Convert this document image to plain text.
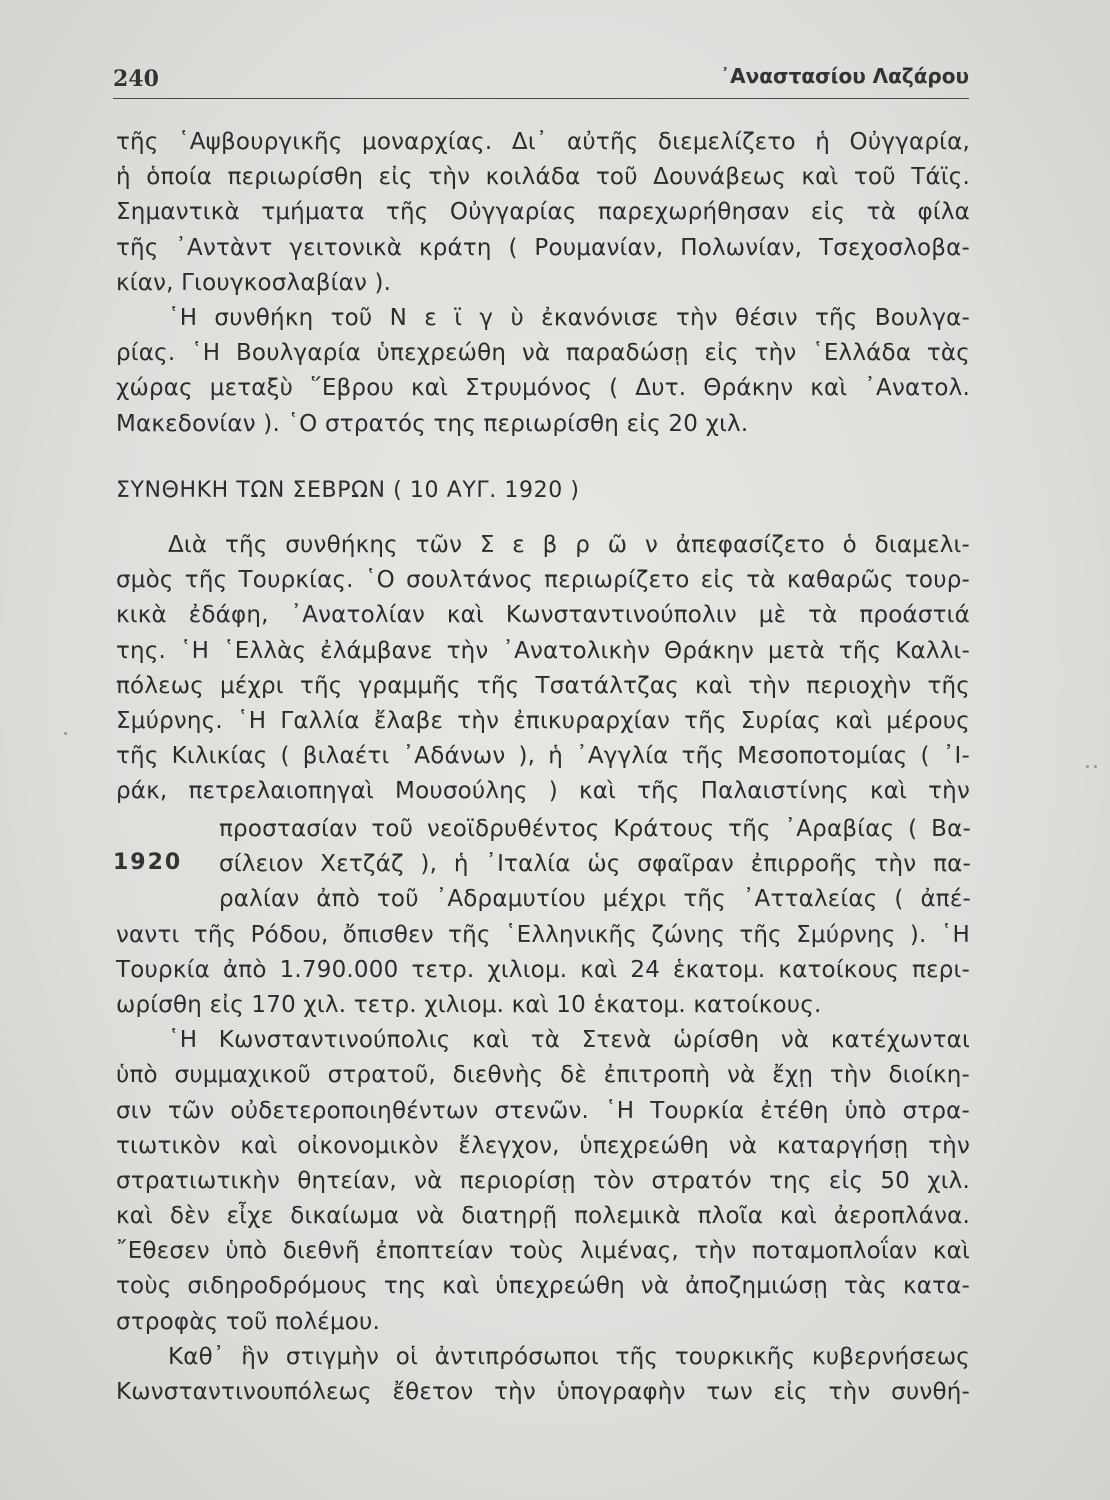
240	᾿Αναστασίου Λαζάρου
τῆς ῾Αψβουργικῆς μοναρχίας. Δι᾿ αὐτῆς διεμελίζετο ἡ Οὐγγαρία,
ἡ ὁποία περιωρίσθη εἰς τὴν κοιλάδα τοῦ Δουνάβεως καὶ τοῦ Τάϊς.
Σημαντικὰ τμήματα τῆς Οὐγγαρίας παρεχωρήθησαν εἰς τὰ φίλα
τῆς ᾿Αντὰντ γειτονικὰ κράτη ( Ρουμανίαν, Πολωνίαν, Τσεχοσλοβα-
κίαν, Γιουγκοσλαβίαν ).
῾Η συνθήκη τοῦ Ν ε ϊ γ ὺ ἐκανόνισε τὴν θέσιν τῆς Βουλγα-
ρίας. ῾Η Βουλγαρία ὑπεχρεώθη νὰ παραδώσῃ εἰς τὴν ῾Ελλάδα τὰς
χώρας μεταξὺ ῞Εβρου καὶ Στρυμόνος ( Δυτ. Θράκην καὶ ᾿Ανατολ.
Μακεδονίαν ). ῾Ο στρατός της περιωρίσθη εἰς 20 χιλ.
ΣΥΝΘΗΚΗ ΤΩΝ ΣΕΒΡΩΝ ( 10 ΑΥΓ. 1920 )
Διὰ τῆς συνθήκης τῶν Σ ε β ρ ῶ ν ἀπεφασίζετο ὁ διαμελι-
σμὸς τῆς Τουρκίας. ῾Ο σουλτάνος περιωρίζετο εἰς τὰ καθαρῶς τουρ-
κικὰ ἐδάφη, ᾿Ανατολίαν καὶ Κωνσταντινούπολιν μὲ τὰ προάστιά
της. ῾Η ῾Ελλὰς ἐλάμβανε τὴν ᾿Ανατολικὴν Θράκην μετὰ τῆς Καλλι-
πόλεως μέχρι τῆς γραμμῆς τῆς Τσατάλτζας καὶ τὴν περιοχὴν τῆς
Σμύρνης. ῾Η Γαλλία ἔλαβε τὴν ἐπικυραρχίαν τῆς Συρίας καὶ μέρους
τῆς Κιλικίας ( βιλαέτι ᾿Αδάνων ), ἡ ᾿Αγγλία τῆς Μεσοποτομίας ( ᾿Ι-
ράκ, πετρελαιοπηγαὶ Μουσούλης ) καὶ τῆς Παλαιστίνης καὶ τὴν
1920
προστασίαν τοῦ νεοϊδρυθέντος Κράτους τῆς ᾿Αραβίας ( Βα-
σίλειον Χετζάζ ), ἡ ᾿Ιταλία ὡς σφαῖραν ἐπιρροῆς τὴν πα-
ραλίαν ἀπὸ τοῦ ᾿Αδραμυτίου μέχρι τῆς ᾿Ατταλείας ( ἀπέ-
ναντι τῆς Ρόδου, ὄπισθεν τῆς ῾Ελληνικῆς ζώνης τῆς Σμύρνης ). ῾Η
Τουρκία ἀπὸ 1.790.000 τετρ. χιλιομ. καὶ 24 ἑκατομ. κατοίκους περι-
ωρίσθη εἰς 170 χιλ. τετρ. χιλιομ. καὶ 10 ἑκατομ. κατοίκους.
῾Η Κωνσταντινούπολις καὶ τὰ Στενὰ ὡρίσθη νὰ κατέχωνται
ὑπὸ συμμαχικοῦ στρατοῦ, διεθνὴς δὲ ἐπιτροπὴ νὰ ἔχῃ τὴν διοίκη-
σιν τῶν οὐδετεροποιηθέντων στενῶν. ῾Η Τουρκία ἐτέθη ὑπὸ στρα-
τιωτικὸν καὶ οἰκονομικὸν ἔλεγχον, ὑπεχρεώθη νὰ καταργήσῃ τὴν
στρατιωτικὴν θητείαν, νὰ περιορίσῃ τὸν στρατόν της εἰς 50 χιλ.
καὶ δὲν εἶχε δικαίωμα νὰ διατηρῇ πολεμικὰ πλοῖα καὶ ἀεροπλάνα.
῎Εθεσεν ὑπὸ διεθνῆ ἐποπτείαν τοὺς λιμένας, τὴν ποταμοπλοΐαν καὶ
τοὺς σιδηροδρόμους της καὶ ὑπεχρεώθη νὰ ἀποζημιώσῃ τὰς κατα-
στροφὰς τοῦ πολέμου.
Καθ᾿ ἣν στιγμὴν οἱ ἀντιπρόσωποι τῆς τουρκικῆς κυβερνήσεως
Κωνσταντινουπόλεως ἔθετον τὴν ὑπογραφὴν των εἰς τὴν συνθή-
